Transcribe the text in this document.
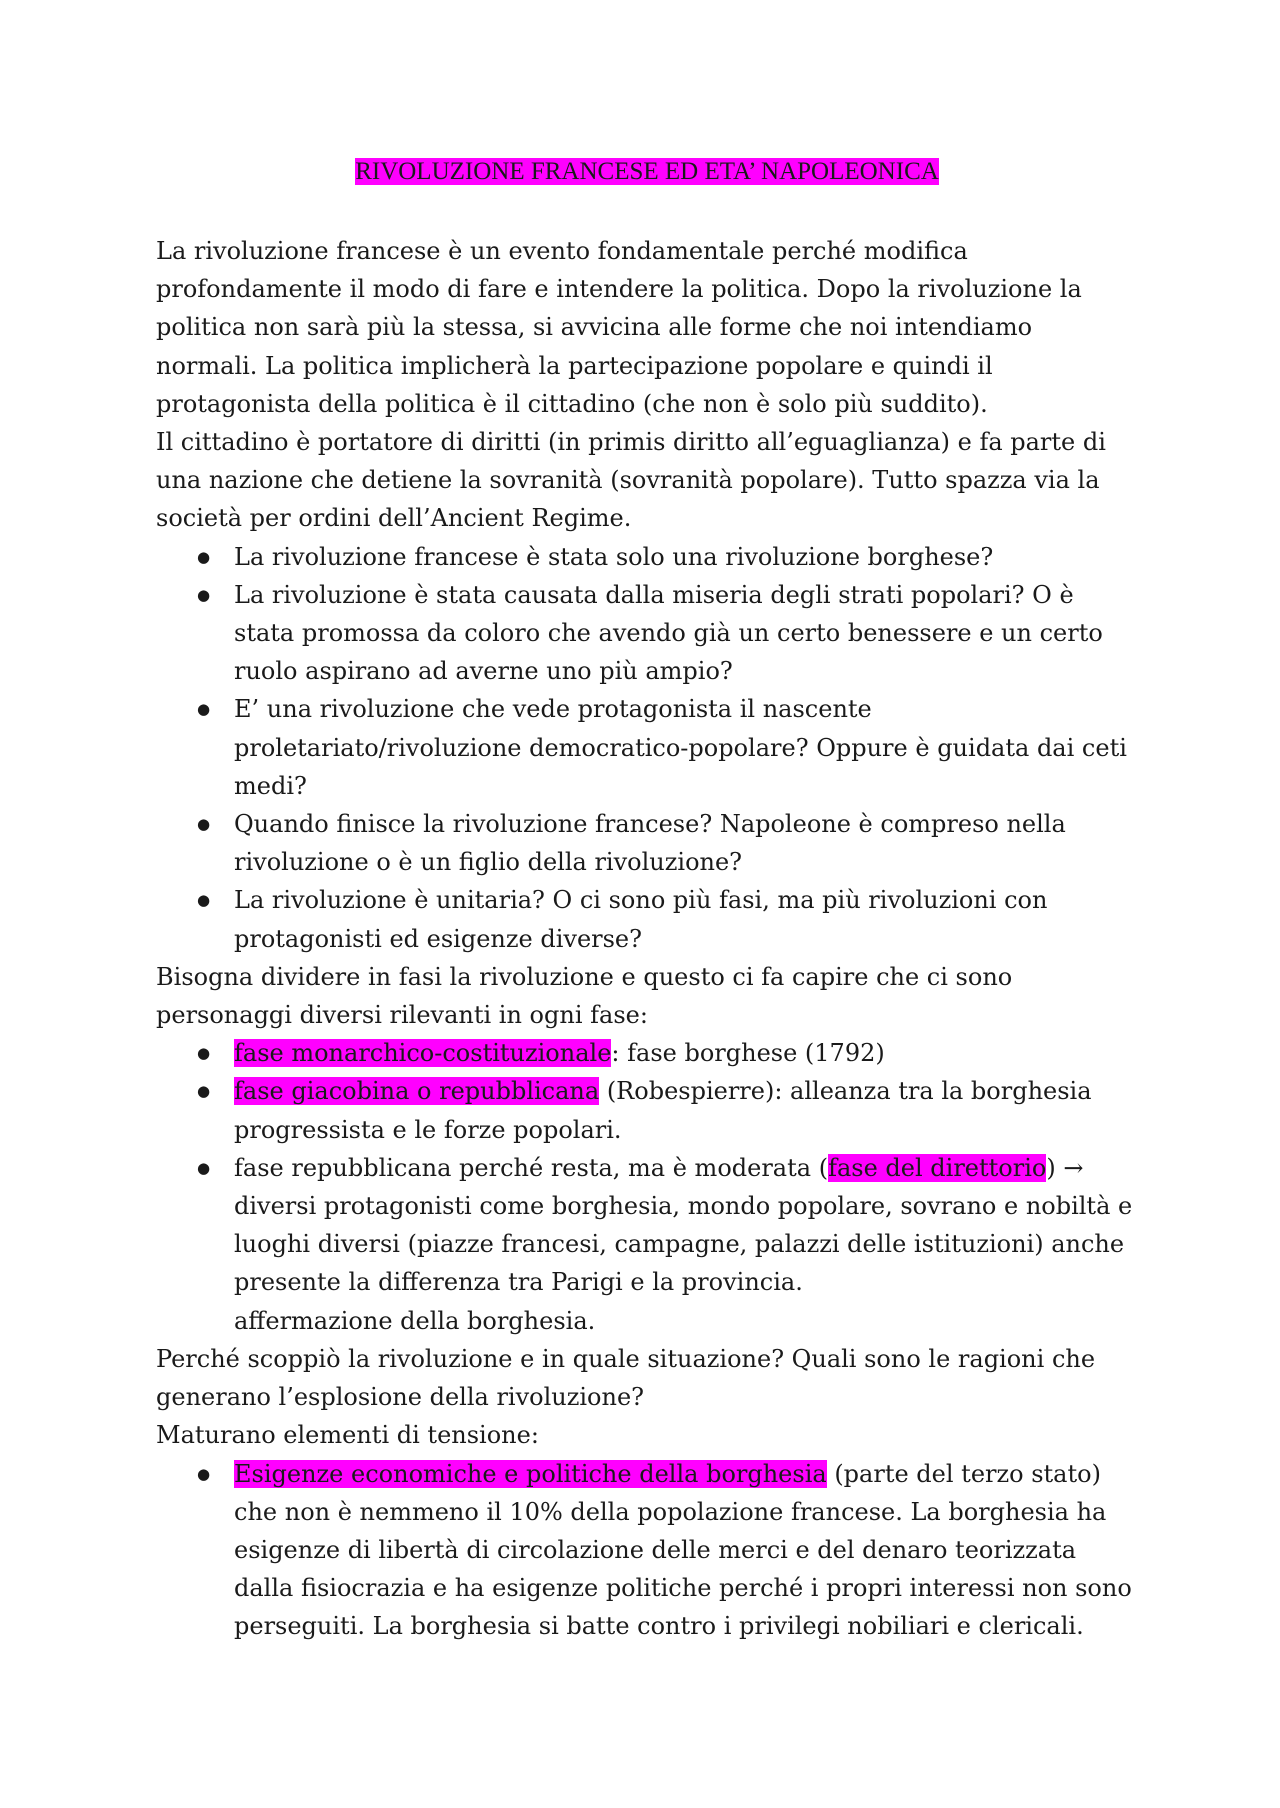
RIVOLUZIONE FRANCESE ED ETA’ NAPOLEONICA

La rivoluzione francese è un evento fondamentale perché modifica profondamente il modo di fare e intendere la politica. Dopo la rivoluzione la politica non sarà più la stessa, si avvicina alle forme che noi intendiamo normali. La politica implicherà la partecipazione popolare e quindi il protagonista della politica è il cittadino (che non è solo più suddito).

Il cittadino è portatore di diritti (in primis diritto all’eguaglianza) e fa parte di una nazione che detiene la sovranità (sovranità popolare). Tutto spazza via la società per ordini dell’Ancient Regime.

● La rivoluzione francese è stata solo una rivoluzione borghese?
● La rivoluzione è stata causata dalla miseria degli strati popolari? O è stata promossa da coloro che avendo già un certo benessere e un certo ruolo aspirano ad averne uno più ampio?
● E’ una rivoluzione che vede protagonista il nascente proletariato/rivoluzione democratico-popolare? Oppure è guidata dai ceti medi?
● Quando finisce la rivoluzione francese? Napoleone è compreso nella rivoluzione o è un figlio della rivoluzione?
● La rivoluzione è unitaria? O ci sono più fasi, ma più rivoluzioni con protagonisti ed esigenze diverse?

Bisogna dividere in fasi la rivoluzione e questo ci fa capire che ci sono personaggi diversi rilevanti in ogni fase:

● fase monarchico-costituzionale: fase borghese (1792)
● fase giacobina o repubblicana (Robespierre): alleanza tra la borghesia progressista e le forze popolari.
● fase repubblicana perché resta, ma è moderata (fase del direttorio) → diversi protagonisti come borghesia, mondo popolare, sovrano e nobiltà e luoghi diversi (piazze francesi, campagne, palazzi delle istituzioni) anche presente la differenza tra Parigi e la provincia.
affermazione della borghesia.

Perché scoppiò la rivoluzione e in quale situazione? Quali sono le ragioni che generano l’esplosione della rivoluzione?

Maturano elementi di tensione:

● Esigenze economiche e politiche della borghesia (parte del terzo stato) che non è nemmeno il 10% della popolazione francese. La borghesia ha esigenze di libertà di circolazione delle merci e del denaro teorizzata dalla fisiocrazia e ha esigenze politiche perché i propri interessi non sono perseguiti. La borghesia si batte contro i privilegi nobiliari e clericali.
